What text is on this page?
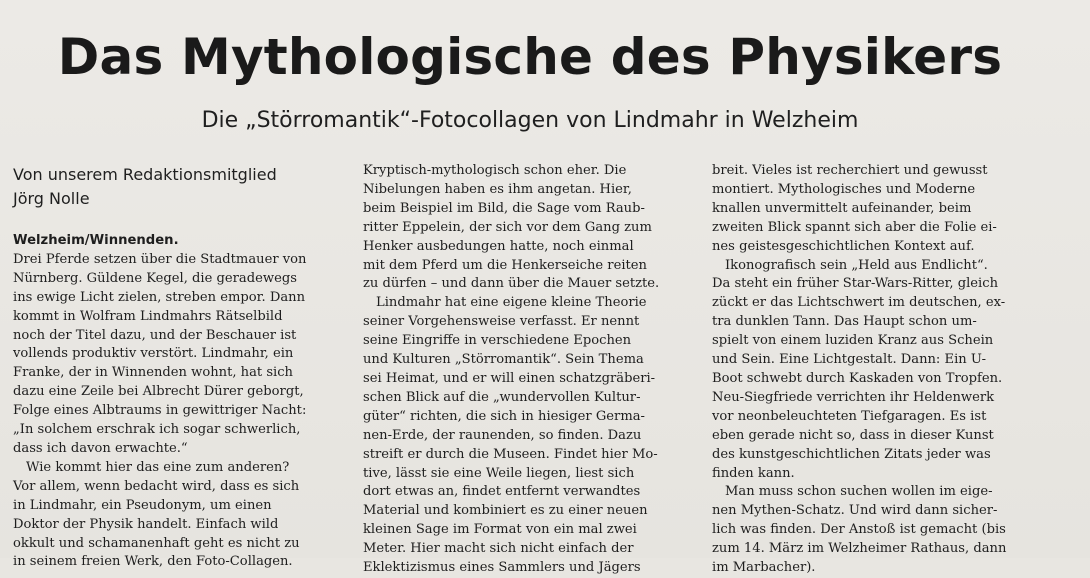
Das Mythologische des Physikers
Die „Störromantik“-Fotocollagen von Lindmahr in Welzheim
Von unserem Redaktionsmitglied
Jörg Nolle

Welzheim/Winnenden.

Drei Pferde setzen über die Stadtmauer von

Nürnberg. Güldene Kegel, die geradewegs

ins ewige Licht zielen, streben empor. Dann

kommt in Wolfram Lindmahrs Rätselbild

noch der Titel dazu, und der Beschauer ist

vollends produktiv verstört. Lindmahr, ein

Franke, der in Winnenden wohnt, hat sich

dazu eine Zeile bei Albrecht Dürer geborgt,

Folge eines Albtraums in gewittriger Nacht:

„In solchem erschrak ich sogar schwerlich,

dass ich davon erwachte.“

Wie kommt hier das eine zum anderen?

Vor allem, wenn bedacht wird, dass es sich

in Lindmahr, ein Pseudonym, um einen

Doktor der Physik handelt. Einfach wild

okkult und schamanenhaft geht es nicht zu

in seinem freien Werk, den Foto-Collagen.

Kryptisch-mythologisch schon eher. Die

Nibelungen haben es ihm angetan. Hier,

beim Beispiel im Bild, die Sage vom Raub-

ritter Eppelein, der sich vor dem Gang zum

Henker ausbedungen hatte, noch einmal

mit dem Pferd um die Henkerseiche reiten

zu dürfen – und dann über die Mauer setzte.

Lindmahr hat eine eigene kleine Theorie

seiner Vorgehensweise verfasst. Er nennt

seine Eingriffe in verschiedene Epochen

und Kulturen „Störromantik“. Sein Thema

sei Heimat, und er will einen schatzgräberi-

schen Blick auf die „wundervollen Kultur-

güter“ richten, die sich in hiesiger Germa-

nen-Erde, der raunenden, so finden. Dazu

streift er durch die Museen. Findet hier Mo-

tive, lässt sie eine Weile liegen, liest sich

dort etwas an, findet entfernt verwandtes

Material und kombiniert es zu einer neuen

kleinen Sage im Format von ein mal zwei

Meter. Hier macht sich nicht einfach der

Eklektizismus eines Sammlers und Jägers

breit. Vieles ist recherchiert und gewusst

montiert. Mythologisches und Moderne

knallen unvermittelt aufeinander, beim

zweiten Blick spannt sich aber die Folie ei-

nes geistesgeschichtlichen Kontext auf.

Ikonografisch sein „Held aus Endlicht“.

Da steht ein früher Star-Wars-Ritter, gleich

zückt er das Lichtschwert im deutschen, ex-

tra dunklen Tann. Das Haupt schon um-

spielt von einem luziden Kranz aus Schein

und Sein. Eine Lichtgestalt. Dann: Ein U-

Boot schwebt durch Kaskaden von Tropfen.

Neu-Siegfriede verrichten ihr Heldenwerk

vor neonbeleuchteten Tiefgaragen. Es ist

eben gerade nicht so, dass in dieser Kunst

des kunstgeschichtlichen Zitats jeder was

finden kann.

Man muss schon suchen wollen im eige-

nen Mythen-Schatz. Und wird dann sicher-

lich was finden. Der Anstoß ist gemacht (bis

zum 14. März im Welzheimer Rathaus, dann

im Marbacher).
